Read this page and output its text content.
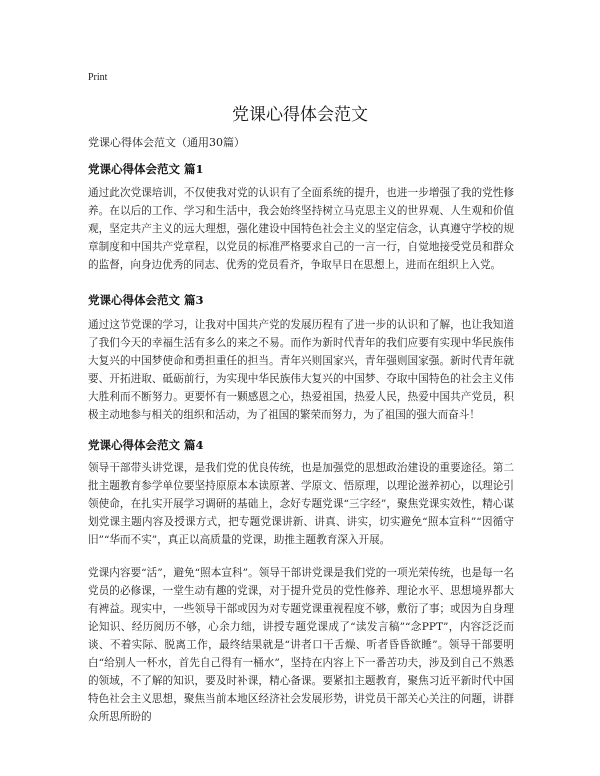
Print
党课心得体会范文
党课心得体会范文（通用30篇）
党课心得体会范文 篇1
通过此次党课培训，不仅使我对党的认识有了全面系统的提升，也进一步增强了我的党性修养。在以后的工作、学习和生活中，我会始终坚持树立马克思主义的世界观、人生观和价值观，坚定共产主义的远大理想，强化建设中国特色社会主义的坚定信念，认真遵守学校的规章制度和中国共产党章程，以党员的标准严格要求自己的一言一行，自觉地接受党员和群众的监督，向身边优秀的同志、优秀的党员看齐，争取早日在思想上，进而在组织上入党。
党课心得体会范文 篇3
通过这节党课的学习，让我对中国共产党的发展历程有了进一步的认识和了解，也让我知道了我们今天的幸福生活有多么的来之不易。而作为新时代青年的我们应要有实现中华民族伟大复兴的中国梦使命和勇担重任的担当。青年兴则国家兴，青年强则国家强。新时代青年就要、开拓进取、砥砺前行，为实现中华民族伟大复兴的中国梦、夺取中国特色的社会主义伟大胜利而不断努力。更要怀有一颗感恩之心，热爱祖国，热爱人民，热爱中国共产党员，积极主动地参与相关的组织和活动，为了祖国的繁荣而努力，为了祖国的强大而奋斗！
党课心得体会范文 篇4
领导干部带头讲党课，是我们党的优良传统，也是加强党的思想政治建设的重要途径。第二批主题教育参学单位要坚持原原本本读原著、学原文、悟原理，以理论滋养初心，以理论引领使命，在扎实开展学习调研的基础上，念好专题党课“三字经”，聚焦党课实效性，精心谋划党课主题内容及授课方式，把专题党课讲新、讲真、讲实，切实避免“照本宣科”“因循守旧”“华而不实”，真正以高质量的党课，助推主题教育深入开展。
党课内容要“活”，避免“照本宣科”。领导干部讲党课是我们党的一项光荣传统，也是每一名党员的必修课，一堂生动有趣的党课，对于提升党员的党性修养、理论水平、思想境界都大有裨益。现实中，一些领导干部或因为对专题党课重视程度不够，敷衍了事；或因为自身理论知识、经历阅历不够，心余力绌，讲授专题党课成了“读发言稿”“念PPT”，内容泛泛而谈、不着实际、脱离工作，最终结果就是“讲者口干舌燥、听者昏昏欲睡”。领导干部要明白“给别人一杯水，首先自己得有一桶水”，坚持在内容上下一番苦功夫，涉及到自己不熟悉的领域，不了解的知识，要及时补课，精心备课。要紧扣主题教育，聚焦习近平新时代中国特色社会主义思想，聚焦当前本地区经济社会发展形势，讲党员干部关心关注的问题，讲群众所思所盼的
